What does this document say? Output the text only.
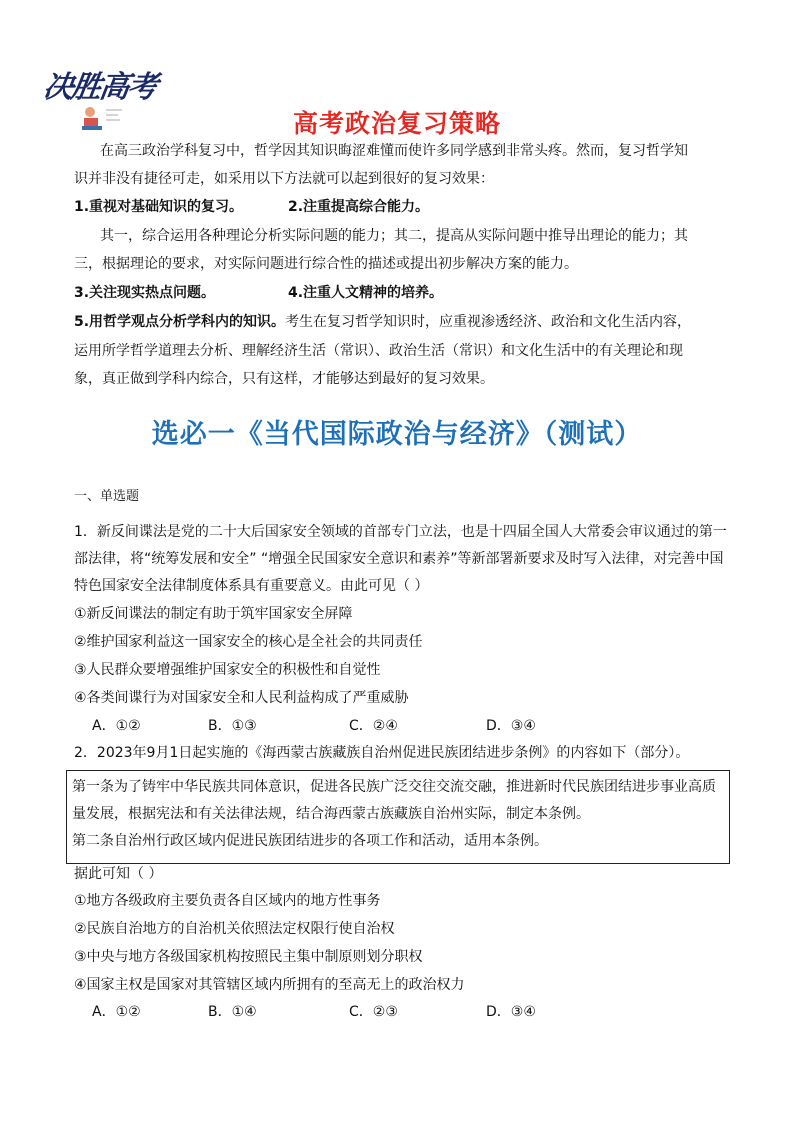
决胜高考
高考政治复习策略
在高三政治学科复习中，哲学因其知识晦涩难懂而使许多同学感到非常头疼。然而，复习哲学知
识并非没有捷径可走，如采用以下方法就可以起到很好的复习效果：
1.重视对基础知识的复习。	2.注重提高综合能力。
其一，综合运用各种理论分析实际问题的能力；其二，提高从实际问题中推导出理论的能力；其
三，根据理论的要求，对实际问题进行综合性的描述或提出初步解决方案的能力。
3.关注现实热点问题。	4.注重人文精神的培养。
5.用哲学观点分析学科内的知识。考生在复习哲学知识时，应重视渗透经济、政治和文化生活内容，
运用所学哲学道理去分析、理解经济生活（常识）、政治生活（常识）和文化生活中的有关理论和现
象，真正做到学科内综合，只有这样，才能够达到最好的复习效果。
选必一《当代国际政治与经济》（测试）
一、单选题
1．新反间谍法是党的二十大后国家安全领域的首部专门立法，也是十四届全国人大常委会审议通过的第一
部法律，将“统筹发展和安全” “增强全民国家安全意识和素养”等新部署新要求及时写入法律，对完善中国
特色国家安全法律制度体系具有重要意义。由此可见（ ）
①新反间谍法的制定有助于筑牢国家安全屏障
②维护国家利益这一国家安全的核心是全社会的共同责任
③人民群众要增强维护国家安全的积极性和自觉性
④各类间谍行为对国家安全和人民利益构成了严重威胁
A．①②	B．①③	C．②④	D．③④
2．2023年9月1日起实施的《海西蒙古族藏族自治州促进民族团结进步条例》的内容如下（部分）。
第一条为了铸牢中华民族共同体意识，促进各民族广泛交往交流交融，推进新时代民族团结进步事业高质
量发展，根据宪法和有关法律法规，结合海西蒙古族藏族自治州实际，制定本条例。
第二条自治州行政区域内促进民族团结进步的各项工作和活动，适用本条例。
据此可知（ ）
①地方各级政府主要负责各自区域内的地方性事务
②民族自治地方的自治机关依照法定权限行使自治权
③中央与地方各级国家机构按照民主集中制原则划分职权
④国家主权是国家对其管辖区域内所拥有的至高无上的政治权力
A．①②	B．①④	C．②③	D．③④
